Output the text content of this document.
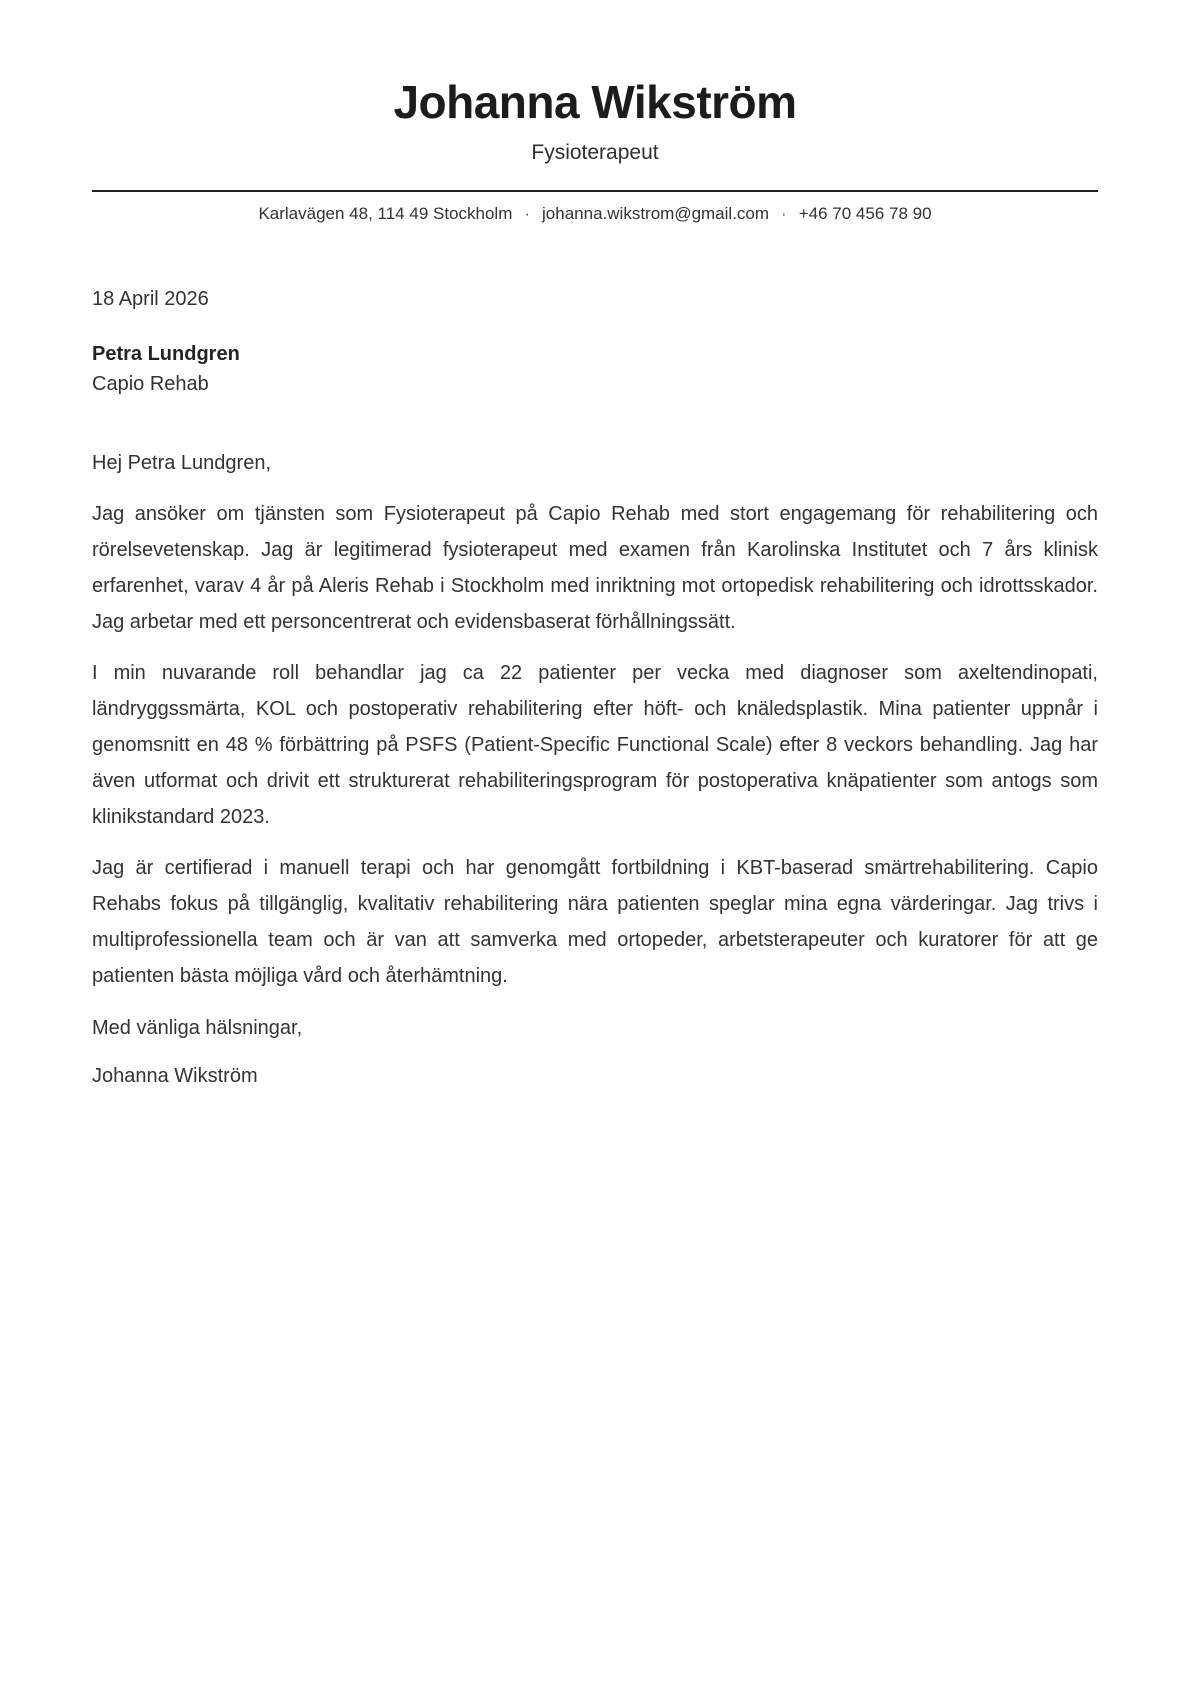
Johanna Wikström
Fysioterapeut
Karlavägen 48, 114 49 Stockholm · johanna.wikstrom@gmail.com · +46 70 456 78 90

18 April 2026

Petra Lundgren

Capio Rehab

Hej Petra Lundgren,

Jag ansöker om tjänsten som Fysioterapeut på Capio Rehab med stort engagemang för rehabilitering och rörelsevetenskap. Jag är legitimerad fysioterapeut med examen från Karolinska Institutet och 7 års klinisk erfarenhet, varav 4 år på Aleris Rehab i Stockholm med inriktning mot ortopedisk rehabilitering och idrottsskador. Jag arbetar med ett personcentrerat och evidensbaserat förhållningssätt.

I min nuvarande roll behandlar jag ca 22 patienter per vecka med diagnoser som axeltendinopati, ländryggssmärta, KOL och postoperativ rehabilitering efter höft- och knäledsplastik. Mina patienter uppnår i genomsnitt en 48 % förbättring på PSFS (Patient-Specific Functional Scale) efter 8 veckors behandling. Jag har även utformat och drivit ett strukturerat rehabiliteringsprogram för postoperativa knäpatienter som antogs som klinikstandard 2023.

Jag är certifierad i manuell terapi och har genomgått fortbildning i KBT-baserad smärtrehabilitering. Capio Rehabs fokus på tillgänglig, kvalitativ rehabilitering nära patienten speglar mina egna värderingar. Jag trivs i multiprofessionella team och är van att samverka med ortopeder, arbetsterapeuter och kuratorer för att ge patienten bästa möjliga vård och återhämtning.

Med vänliga hälsningar,

Johanna Wikström
